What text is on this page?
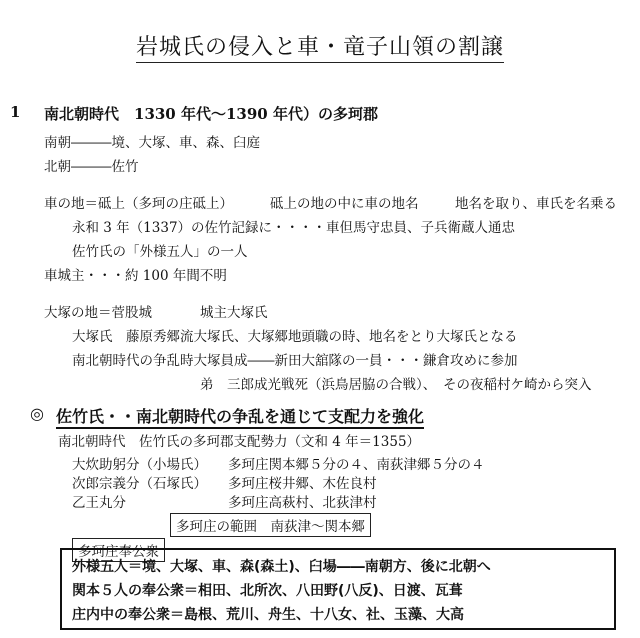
岩城氏の侵入と車・竜子山領の割譲
1 南北朝時代　1330 年代～1390 年代）の多珂郡
南朝―――境、大塚、車、森、臼庭
北朝―――佐竹
車の地＝砥上（多珂の庄砥上）	砥上の地の中に車の地名	地名を取り、車氏を名乗る
永和 3 年（1337）の佐竹記録に・・・・車但馬守忠員、子兵衛蔵人通忠
佐竹氏の「外様五人」の一人
車城主・・・約 100 年間不明
大塚の地＝菅股城	城主大塚氏
大塚氏　藤原秀郷流大塚氏、大塚郷地頭職の時、地名をとり大塚氏となる
南北朝時代の争乱時大塚員成――新田大舘隊の一員・・・鎌倉攻めに参加
弟　三郎成光戦死（浜鳥居脇の合戦）、　その夜稲村ケ崎から突入
◎ 佐竹氏・・南北朝時代の争乱を通じて支配力を強化
南北朝時代　佐竹氏の多珂郡支配勢力（文和 4 年＝1355）
大炊助躬分（小場氏） 多珂庄関本郷５分の４、南荻津郷５分の４
次郎宗義分（石塚氏） 多珂庄桜井郷、木佐良村
乙王丸分	多珂庄高萩村、北荻津村
多珂庄の範囲　南荻津～関本郷
多珂庄奉公衆
外様五人＝境、大塚、車、森(森土)、臼場――南朝方、後に北朝へ
関本５人の奉公衆＝相田、北所次、八田野(八反)、日渡、瓦葺
庄内中の奉公衆＝島根、荒川、舟生、十八女、社、玉藻、大高
